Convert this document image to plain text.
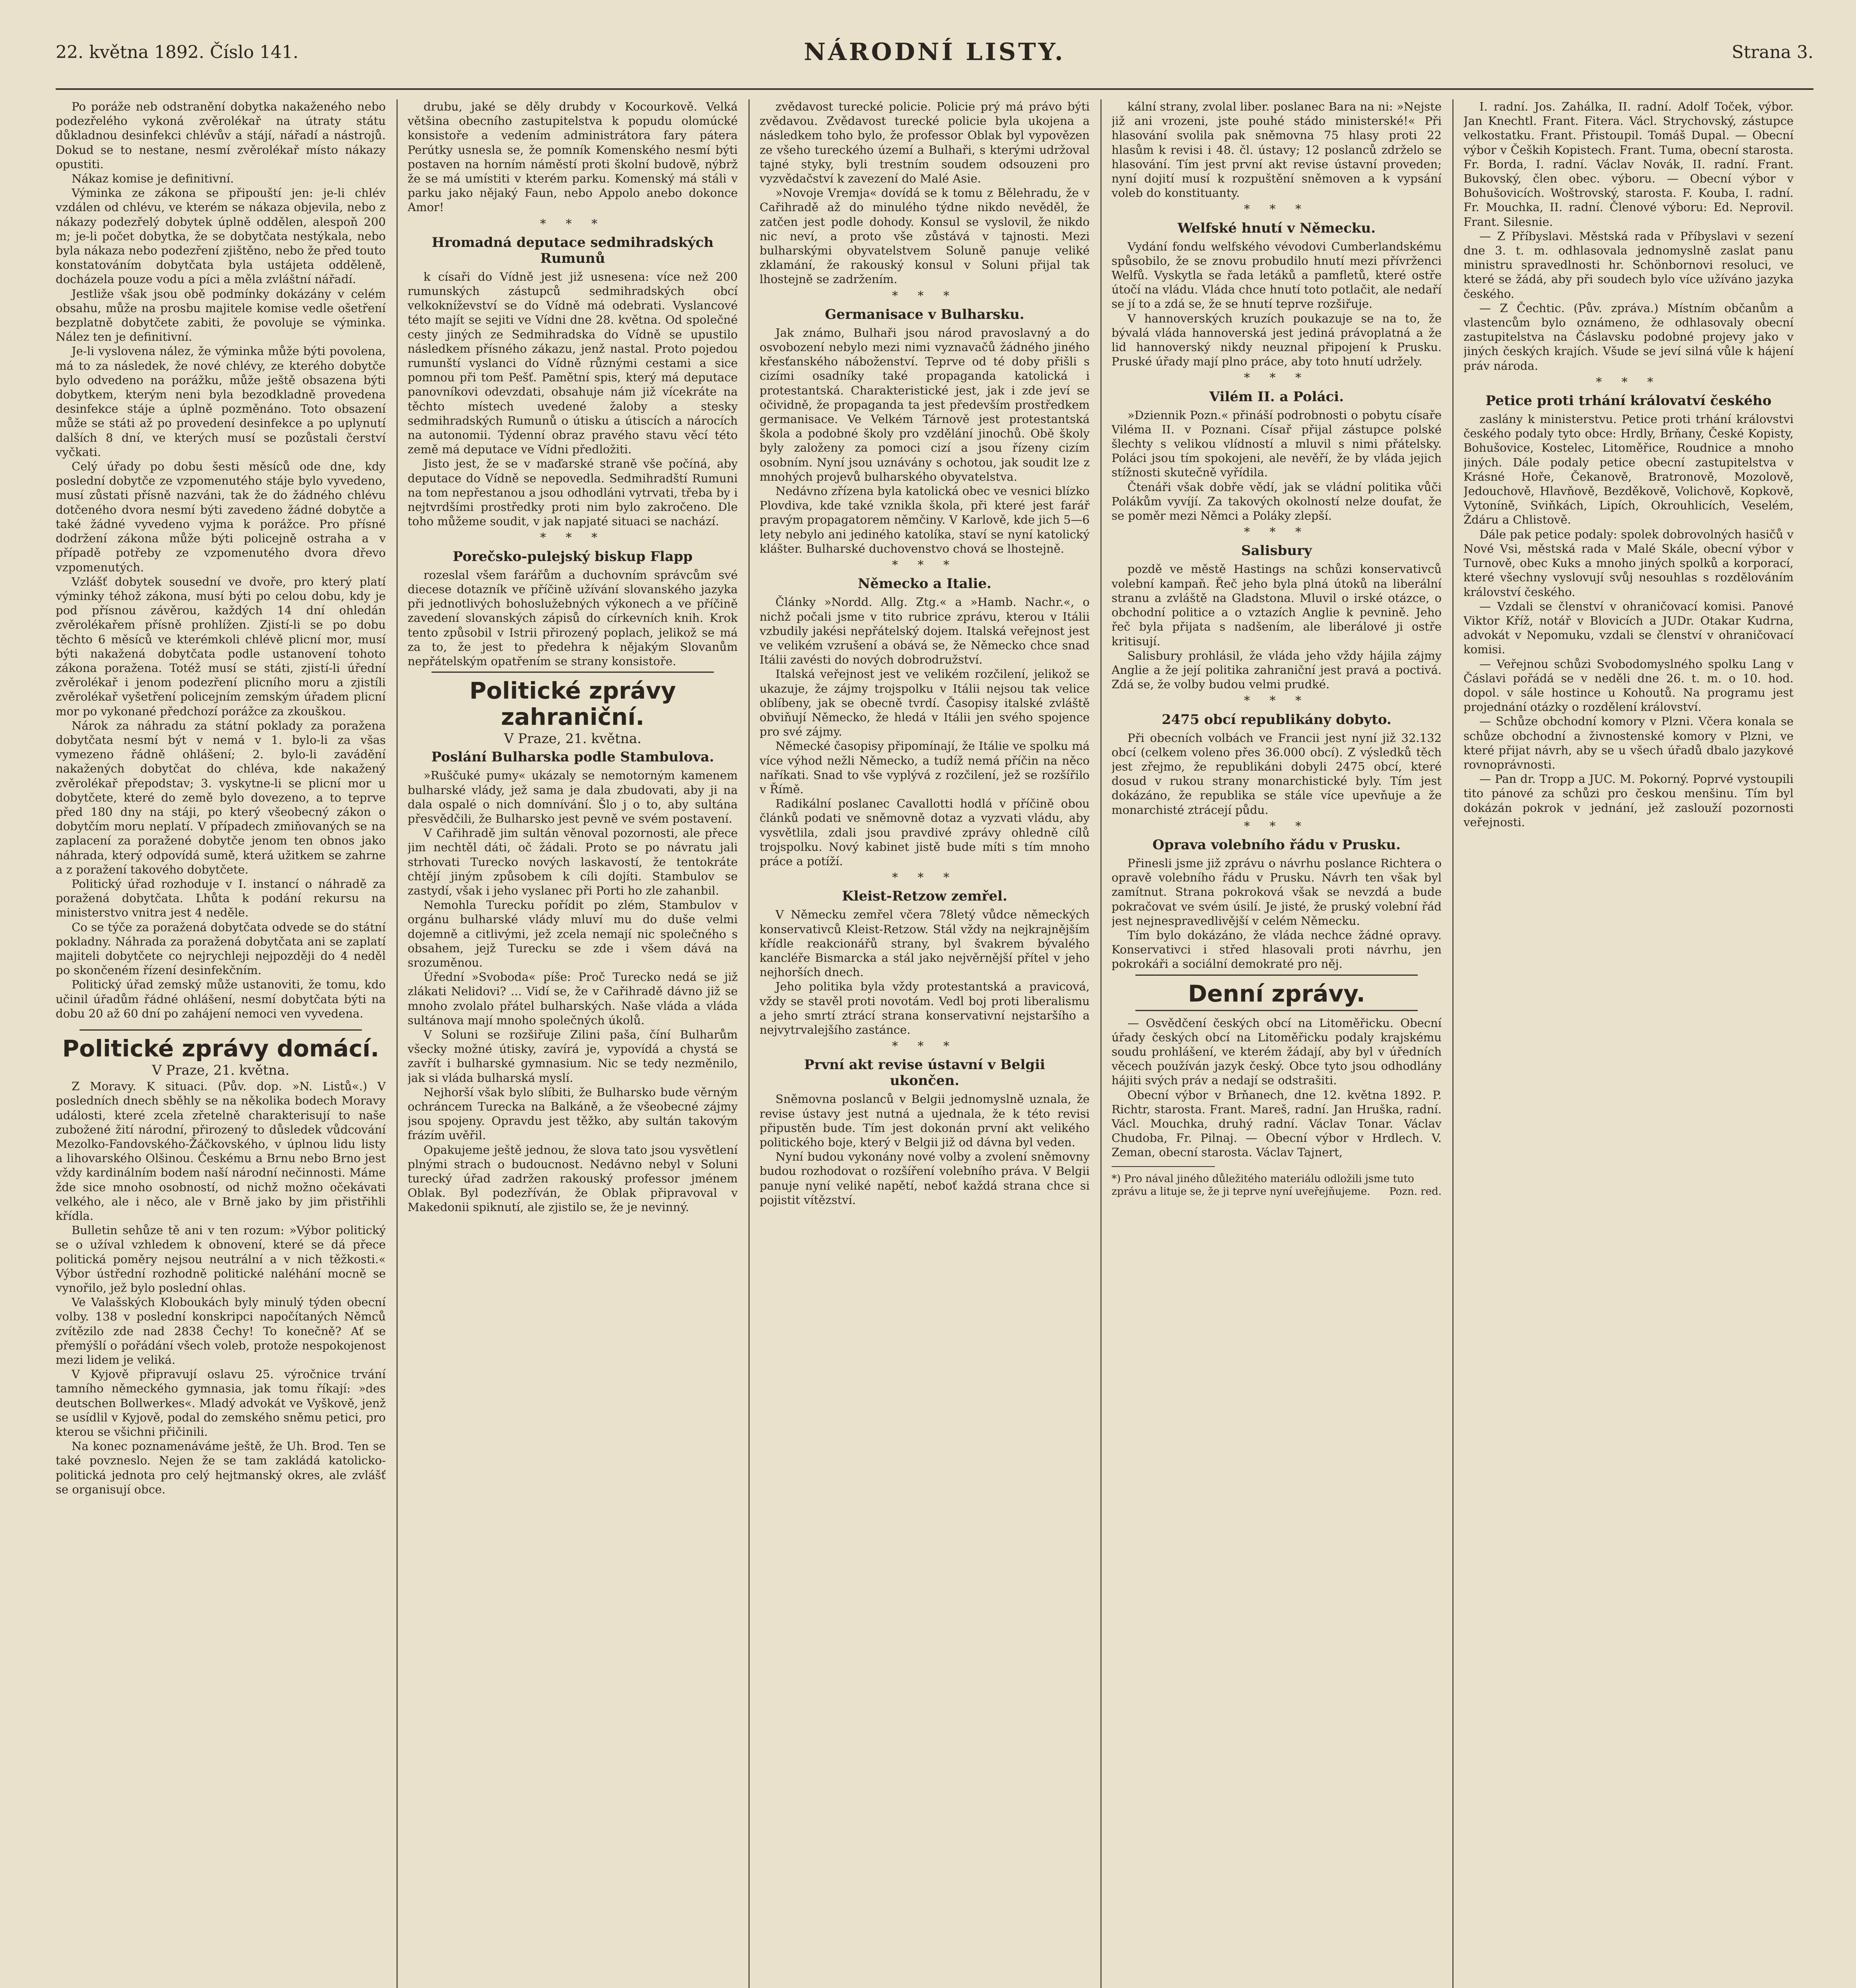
22. května 1892. Číslo 141.	NÁRODNÍ LISTY.	Strana 3.

Po poráže neb odstranění dobytka nakaženého nebo podezřelého vykoná zvěrolékař na útraty státu důkladnou desinfekci chlévův a stájí, nářadí a nástrojů. Dokud se to nestane, nesmí zvěrolékař místo nákazy opustiti.

Nákaz komise je definitivní.

Výminka ze zákona se připouští jen: je-li chlév vzdálen od chlévu, ve kterém se nákaza objevila, nebo z nákazy podezřelý dobytek úplně oddělen, alespoň 200 m; je-li počet dobytka, že se dobytčata nestýkala, nebo byla nákaza nebo podezření zjištěno, nebo že před touto konstatováním dobytčata byla ustájeta odděleně, docházela pouze vodu a píci a měla zvláštní nářadí.

Jestliže však jsou obě podmínky dokázány v celém obsahu, může na prosbu majitele komise vedle ošetření bezplatně dobytčete zabiti, že povoluje se výminka. Nález ten je definitivní.

Je-li vyslovena nález, že výminka může býti povolena, má to za následek, že nové chlévy, ze kterého dobytče bylo odvedeno na porážku, může ještě obsazena býti dobytkem, kterým neni byla bezodkladně provedena desinfekce stáje a úplně pozměnáno. Toto obsazení může se státi až po provedení desinfekce a po uplynutí dalších 8 dní, ve kterých musí se pozůstali čerství vyčkati.

Celý úřady po dobu šesti měsíců ode dne, kdy poslední dobytče ze vzpomenutého stáje bylo vyvedeno, musí zůstati přísně nazváni, tak že do žádného chlévu dotčeného dvora nesmí býti zavedeno žádné dobytče a také žádné vyvedeno vyjma k porážce. Pro přísné dodržení zákona může býti policejně ostraha a v případě potřeby ze vzpomenutého dvora dřevo vzpomenutých.

Vzlášť dobytek sousední ve dvoře, pro který platí výminky téhož zákona, musí býti po celou dobu, kdy je pod přísnou závěrou, každých 14 dní ohledán zvěrolékařem přísně prohlížen. Zjistí-li se po dobu těchto 6 měsíců ve kterémkoli chlévě plicní mor, musí býti nakažená dobytčata podle ustanovení tohoto zákona poražena. Totéž musí se státi, zjistí-li úřední zvěrolékař i jenom podezření plicního moru a zjistíli zvěrolékař vyšetření policejním zemským úřadem plicní mor po vykonané předchozí porážce za zkouškou.

Nárok za náhradu za státní poklady za poražena dobytčata nesmí být v nemá v 1. bylo-li za všas vymezeno řádně ohlášení; 2. bylo-li zavádění nakažených dobytčat do chléva, kde nakažený zvěrolékař přepodstav; 3. vyskytne-li se plicní mor u dobytčete, které do země bylo dovezeno, a to teprve před 180 dny na stáji, po který všeobecný zákon o dobytčím moru neplatí. V případech zmiňovaných se na zaplacení za poražené dobytče jenom ten obnos jako náhrada, který odpovídá sumě, která užitkem se zahrne a z poražení takového dobytčete.

Politický úřad rozhoduje v I. instancí o náhradě za poražená dobytčata. Lhůta k podání rekursu na ministerstvo vnitra jest 4 neděle.

Co se týče za poražená dobytčata odvede se do státní pokladny. Náhrada za poražená dobytčata ani se zaplatí majiteli dobytčete co nejrychleji nejpozději do 4 neděl po skončeném řízení desinfekčním.

Politický úřad zemský může ustanoviti, že tomu, kdo učinil úřadům řádné ohlášení, nesmí dobytčata býti na dobu 20 až 60 dní po zahájení nemoci ven vyvedena.

Politické zprávy domácí.
V Praze, 21. května.

Z Moravy. K situaci. (Pův. dop. »N. Listů«.) V posledních dnech sběhly se na několika bodech Moravy události, které zcela zřetelně charakterisují to naše zubožené žití národní, přirozený to důsledek vůdcování Mezolko-Fandovského-Žáčkovského, v úplnou lidu listy a lihovarského Olšinou. Českému a Brnu nebo Brno jest vždy kardinálním bodem naší národní nečinnosti. Máme žde sice mnoho osobností, od nichž možno očekávati velkého, ale i něco, ale v Brně jako by jim přistřihli křídla.

Bulletin sehůze tě ani v ten rozum: »Výbor politický se o užíval vzhledem k obnovení, které se dá přece politická poměry nejsou neutrální a v nich těžkosti.« Výbor ústřední rozhodně politické naléhání mocně se vynořilo, jež bylo poslední ohlas.

Ve Valašských Kloboukách byly minulý týden obecní volby. 138 v poslední konskripci napočítaných Němců zvítězilo zde nad 2838 Čechy! To konečně? Ať se přemýšlí o pořádání všech voleb, protože nespokojenost mezi lidem je veliká.

V Kyjově připravují oslavu 25. výročnice trvání tamního německého gymnasia, jak tomu říkají: »des deutschen Bollwerkes«. Mladý advokát ve Vyškově, jenž se usídlil v Kyjově, podal do zemského sněmu petici, pro kterou se všichni přičinili.

Na konec poznamenáváme ještě, že Uh. Brod. Ten se také povzneslo. Nejen že se tam zakládá katolicko-politická jednota pro celý hejtmanský okres, ale zvlášť se organisují obce.

drubu, jaké se děly drubdy v Kocourkově. Velká většina obecního zastupitelstva k popudu olomúcké konsistoře a vedením administrátora fary pátera Perútky usnesla se, že pomník Komenského nesmí býti postaven na horním náměstí proti školní budově, nýbrž že se má umístiti v kterém parku. Komenský má stáli v parku jako nějaký Faun, nebo Appolo anebo dokonce Amor!

* * *
Hromadná deputace sedmihradských Rumunů

k císaři do Vídně jest již usnesena: více než 200 rumunských zástupců sedmihradských obcí velkokníževství se do Vídně má odebrati. Vyslancové této majít se sejiti ve Vídni dne 28. května. Od společné cesty jiných ze Sedmihradska do Vídně se upustilo následkem přísného zákazu, jenž nastal. Proto pojedou rumunští vyslanci do Vídně různými cestami a sice pomnou při tom Pešť. Pamětní spis, který má deputace panovníkovi odevzdati, obsahuje nám již vícekráte na těchto místech uvedené žaloby a stesky sedmihradských Rumunů o útisku a útiscích a nárocích na autonomii. Týdenní obraz pravého stavu věcí této země má deputace ve Vídni předložiti.

Jisto jest, že se v maďarské straně vše počíná, aby deputace do Vídně se nepovedla. Sedmihradští Rumuni na tom nepřestanou a jsou odhodláni vytrvati, třeba by i nejtvrdšími prostředky proti nim bylo zakročeno. Dle toho můžeme soudit, v jak napjaté situaci se nachází.

* * *
Porečsko-pulejský biskup Flapp

rozeslal všem farářům a duchovním správcům své diecese dotazník ve příčině užívání slovanského jazyka při jednotlivých bohoslužebných výkonech a ve příčině zavedení slovanských zápisů do církevních knih. Krok tento způsobil v Istrii přirozený poplach, jelikož se má za to, že jest to předehra k nějakým Slovanům nepřátelským opatřením se strany konsistoře.

Politické zprávy zahraniční.
V Praze, 21. května.
Poslání Bulharska podle Stambulova.

»Ruščuké pumy« ukázaly se nemotorným kamenem bulharské vlády, jež sama je dala zbudovati, aby ji na dala ospalé o nich domnívání. Šlo j o to, aby sultána přesvědčili, že Bulharsko jest pevně ve svém postavení.

V Cařihradě jim sultán věnoval pozornosti, ale přece jim nechtěl dáti, oč žádali. Proto se po návratu jali strhovati Turecko nových laskavostí, že tentokráte chtějí jiným způsobem k cíli dojíti. Stambulov se zastydí, však i jeho vyslanec při Porti ho zle zahanbil.

Nemohla Turecku pořídit po zlém, Stambulov v orgánu bulharské vlády mluví mu do duše velmi dojemně a citlivými, jež zcela nemají nic společného s obsahem, jejž Turecku se zde i všem dává na srozuměnou.

Úřední »Svoboda« píše: Proč Turecko nedá se již zlákati Nelidovi? ... Vidí se, že v Cařihradě dávno již se mnoho zvolalo přátel bulharských. Naše vláda a vláda sultánova mají mnoho společných úkolů.

V Soluni se rozšiřuje Zilini paša, číní Bulharům všecky možné útisky, zavírá je, vypovídá a chystá se zavřít i bulharské gymnasium. Nic se tedy nezměnilo, jak si vláda bulharská myslí.

Nejhorší však bylo slíbiti, že Bulharsko bude věrným ochráncem Turecka na Balkáně, a že všeobecné zájmy jsou spojeny. Opravdu jest těžko, aby sultán takovým frázím uvěřil.

Opakujeme ještě jednou, že slova tato jsou vysvětlení plnými strach o budoucnost. Nedávno nebyl v Soluni turecký úřad zadržen rakouský professor jménem Oblak. Byl podezříván, že Oblak připravoval v Makedonii spiknutí, ale zjistilo se, že je nevinný.

zvědavost turecké policie. Policie prý má právo býti zvědavou. Zvědavost turecké policie byla ukojena a následkem toho bylo, že professor Oblak byl vypovězen ze všeho tureckého území a Bulhaři, s kterými udržoval tajné styky, byli trestním soudem odsouzeni pro vyzvědačství k zavezení do Malé Asie.

»Novoje Vremja« dovídá se k tomu z Bělehradu, že v Cařihradě až do minulého týdne nikdo nevěděl, že zatčen jest podle dohody. Konsul se vyslovil, že nikdo nic neví, a proto vše zůstává v tajnosti. Mezi bulharskými obyvatelstvem Soluně panuje veliké zklamání, že rakouský konsul v Soluni přijal tak lhostejně se zadržením.

* * *
Germanisace v Bulharsku.

Jak známo, Bulhaři jsou národ pravoslavný a do osvobození nebylo mezi nimi vyznavačů žádného jiného křesťanského náboženství. Teprve od té doby přišli s cizími osadníky také propaganda katolická i protestantská. Charakteristické jest, jak i zde jeví se očividně, že propaganda ta jest především prostředkem germanisace. Ve Velkém Tárnově jest protestantská škola a podobné školy pro vzdělání jinochů. Obě školy byly založeny za pomoci cizí a jsou řízeny cizím osobním. Nyní jsou uznávány s ochotou, jak soudit lze z mnohých projevů bulharského obyvatelstva.

Nedávno zřízena byla katolická obec ve vesnici blízko Plovdiva, kde také vznikla škola, při které jest farář pravým propagatorem němčiny. V Karlově, kde jich 5—6 lety nebylo ani jediného katolíka, staví se nyní katolický klášter. Bulharské duchovenstvo chová se lhostejně.

* * *
Německo a Italie.

Články »Nordd. Allg. Ztg.« a »Hamb. Nachr.«, o nichž počali jsme v tito rubrice zprávu, kterou v Itálii vzbudily jakési nepřátelský dojem. Italská veřejnost jest ve velikém vzrušení a obává se, že Německo chce snad Itálii zavésti do nových dobrodružství.

Italská veřejnost jest ve velikém rozčilení, jelikož se ukazuje, že zájmy trojspolku v Itálii nejsou tak velice oblíbeny, jak se obecně tvrdí. Časopisy italské zvláště obviňují Německo, že hledá v Itálii jen svého spojence pro své zájmy.

Německé časopisy připomínají, že Itálie ve spolku má více výhod nežli Německo, a tudíž nemá příčin na něco naříkati. Snad to vše vyplývá z rozčilení, jež se rozšířilo v Římě.

Radikální poslanec Cavallotti hodlá v příčině obou článků podati ve sněmovně dotaz a vyzvati vládu, aby vysvětlila, zdali jsou pravdivé zprávy ohledně cílů trojspolku. Nový kabinet jistě bude míti s tím mnoho práce a potíží.

* * *
Kleist-Retzow zemřel.

V Německu zemřel včera 78letý vůdce německých konservativců Kleist-Retzow. Stál vždy na nejkrajnějším křídle reakcionářů strany, byl švakrem bývalého kancléře Bismarcka a stál jako nejvěrnější přítel v jeho nejhorších dnech.

Jeho politika byla vždy protestantská a pravicová, vždy se stavěl proti novotám. Vedl boj proti liberalismu a jeho smrtí ztrácí strana konservativní nejstaršího a nejvytrvalejšího zastánce.

* * *
První akt revise ústavní v Belgii ukončen.

Sněmovna poslanců v Belgii jednomyslně uznala, že revise ústavy jest nutná a ujednala, že k této revisi připustěn bude. Tím jest dokonán první akt velikého politického boje, který v Belgii již od dávna byl veden.

Nyní budou vykonány nové volby a zvolení sněmovny budou rozhodovat o rozšíření volebního práva. V Belgii panuje nyní veliké napětí, neboť každá strana chce si pojistit vítězství.

kální strany, zvolal liber. poslanec Bara na ni: »Nejste již ani vrozeni, jste pouhé stádo ministerské!« Při hlasování svolila pak sněmovna 75 hlasy proti 22 hlasům k revisi i 48. čl. ústavy; 12 poslanců zdrželo se hlasování. Tím jest první akt revise ústavní proveden; nyní dojití musí k rozpuštění sněmoven a k vypsání voleb do konstituanty.

* * *
Welfské hnutí v Německu.

Vydání fondu welfského vévodovi Cumberlandskému spůsobilo, že se znovu probudilo hnutí mezi přívrženci Welfů. Vyskytla se řada letáků a pamfletů, které ostře útočí na vládu. Vláda chce hnutí toto potlačit, ale nedaří se jí to a zdá se, že se hnutí teprve rozšiřuje.

V hannoverských kruzích poukazuje se na to, že bývalá vláda hannoverská jest jediná právoplatná a že lid hannoverský nikdy neuznal připojení k Prusku. Pruské úřady mají plno práce, aby toto hnutí udržely.

* * *
Vilém II. a Poláci.

»Dziennik Pozn.« přináší podrobnosti o pobytu císaře Viléma II. v Poznani. Císař přijal zástupce polské šlechty s velikou vlídností a mluvil s nimi přátelsky. Poláci jsou tím spokojeni, ale nevěří, že by vláda jejich stížnosti skutečně vyřídila.

Čtenáři však dobře vědí, jak se vládní politika vůči Polákům vyvíjí. Za takových okolností nelze doufat, že se poměr mezi Němci a Poláky zlepší.

* * *
Salisbury

pozdě ve městě Hastings na schůzi konservativců volební kampaň. Řeč jeho byla plná útoků na liberální stranu a zvláště na Gladstona. Mluvil o irské otázce, o obchodní politice a o vztazích Anglie k pevnině. Jeho řeč byla přijata s nadšením, ale liberálové ji ostře kritisují.

Salisbury prohlásil, že vláda jeho vždy hájila zájmy Anglie a že její politika zahraniční jest pravá a poctivá. Zdá se, že volby budou velmi prudké.

* * *
2475 obcí republikány dobyto.

Při obecních volbách ve Francii jest nyní již 32.132 obcí (celkem voleno přes 36.000 obcí). Z výsledků těch jest zřejmo, že republikáni dobyli 2475 obcí, které dosud v rukou strany monarchistické byly. Tím jest dokázáno, že republika se stále více upevňuje a že monarchisté ztrácejí půdu.

* * *
Oprava volebního řádu v Prusku.

Přinesli jsme již zprávu o návrhu poslance Richtera o opravě volebního řádu v Prusku. Návrh ten však byl zamítnut. Strana pokroková však se nevzdá a bude pokračovat ve svém úsilí. Je jisté, že pruský volební řád jest nejnespravedlivější v celém Německu.

Tím bylo dokázáno, že vláda nechce žádné opravy. Konservativci i střed hlasovali proti návrhu, jen pokrokáři a sociální demokraté pro něj.

Denní zprávy.

— Osvědčení českých obcí na Litoměřicku. Obecní úřady českých obcí na Litoměřicku podaly krajskému soudu prohlášení, ve kterém žádají, aby byl v úředních věcech používán jazyk český. Obce tyto jsou odhodlány hájiti svých práv a nedají se odstrašiti.

Obecní výbor v Brňanech, dne 12. května 1892. P. Richtr, starosta. Frant. Mareš, radní. Jan Hruška, radní. Václ. Mouchka, druhý radní. Václav Tonar. Václav Chudoba, Fr. Pilnaj. — Obecní výbor v Hrdlech. V. Zeman, obecní starosta. Václav Tajnert,

*) Pro nával jiného důležitého materiálu odložili jsme tuto zprávu a lituje se, že ji teprve nyní uveřejňujeme. Pozn. red.

I. radní. Jos. Zahálka, II. radní. Adolf Toček, výbor. Jan Knechtl. Frant. Fitera. Václ. Strychovský, zástupce velkostatku. Frant. Přistoupil. Tomáš Dupal. — Obecní výbor v Čeških Kopistech. Frant. Tuma, obecní starosta. Fr. Borda, I. radní. Václav Novák, II. radní. Frant. Bukovský, člen obec. výboru. — Obecní výbor v Bohušovicích. Woštrovský, starosta. F. Kouba, I. radní. Fr. Mouchka, II. radní. Členové výboru: Ed. Neprovil. Frant. Silesnie.

— Z Příbyslavi. Městská rada v Příbyslavi v sezení dne 3. t. m. odhlasovala jednomyslně zaslat panu ministru spravedlnosti hr. Schönbornovi resoluci, ve které se žádá, aby při soudech bylo více užíváno jazyka českého.

— Z Čechtic. (Pův. zpráva.) Místním občanům a vlastencům bylo oznámeno, že odhlasovaly obecní zastupitelstva na Čáslavsku podobné projevy jako v jiných českých krajích. Všude se jeví silná vůle k hájení práv národa.

* * *
Petice proti trhání královatví českého

zaslány k ministerstvu. Petice proti trhání královstvi českého podaly tyto obce: Hrdly, Brňany, České Kopisty, Bohušovice, Kostelec, Litoměřice, Roudnice a mnoho jiných. Dále podaly petice obecní zastupitelstva v Krásné Hoře, Čekanově, Bratronově, Mozolově, Jedouchově, Hlavňově, Bezděkově, Volichově, Kopkově, Vytoníně, Sviňkách, Lipích, Okrouhlicích, Veselém, Ždáru a Chlistově.

Dále pak petice podaly: spolek dobrovolných hasičů v Nové Vsi, městská rada v Malé Skále, obecní výbor v Turnově, obec Kuks a mnoho jiných spolků a korporací, které všechny vyslovují svůj nesouhlas s rozdělováním království českého.

— Vzdali se členství v ohraničovací komisi. Panové Viktor Kříž, notář v Blovicích a JUDr. Otakar Kudrna, advokát v Nepomuku, vzdali se členství v ohraničovací komisi.

— Veřejnou schůzi Svobodomyslného spolku Lang v Čáslavi pořádá se v neděli dne 26. t. m. o 10. hod. dopol. v sále hostince u Kohoutů. Na programu jest projednání otázky o rozdělení království.

— Schůze obchodní komory v Plzni. Včera konala se schůze obchodní a živnostenské komory v Plzni, ve které přijat návrh, aby se u všech úřadů dbalo jazykové rovnoprávnosti.

— Pan dr. Tropp a JUC. M. Pokorný. Poprvé vystoupili tito pánové za schůzi pro českou menšinu. Tím byl dokázán pokrok v jednání, jež zaslouží pozornosti veřejnosti.
